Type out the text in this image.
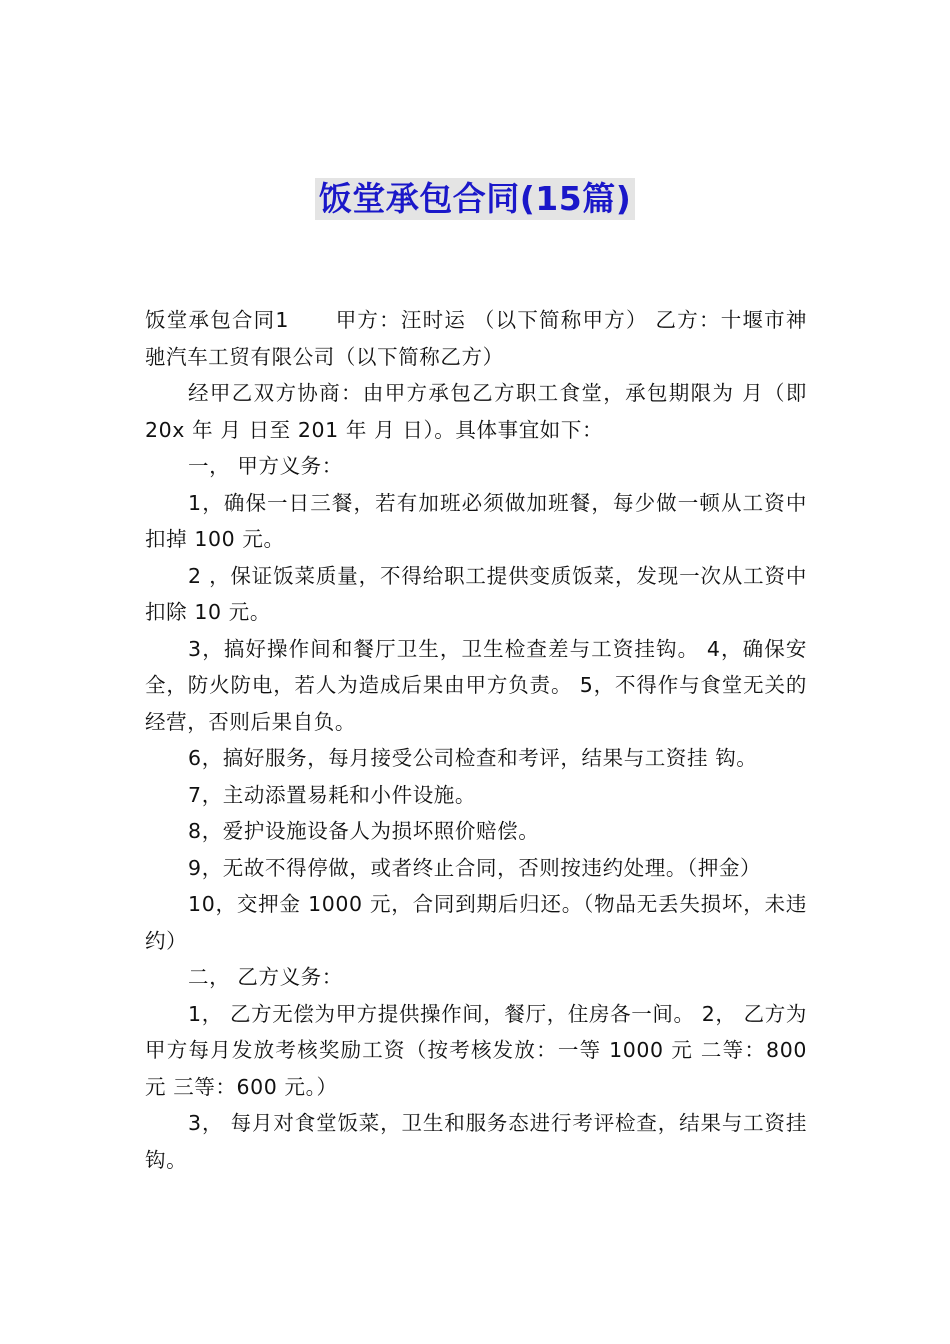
饭堂承包合同(15篇)

饭堂承包合同1 甲方：汪时运 （以下简称甲方） 乙方：十堰市神驰汽车工贸有限公司（以下简称乙方）

经甲乙双方协商：由甲方承包乙方职工食堂，承包期限为 月（即 20x 年 月 日至 201 年 月 日）。具体事宜如下：

一， 甲方义务：

1，确保一日三餐，若有加班必须做加班餐，每少做一顿从工资中扣掉 100 元。

2 ，保证饭菜质量，不得给职工提供变质饭菜，发现一次从工资中扣除 10 元。

3，搞好操作间和餐厅卫生，卫生检查差与工资挂钩。 4，确保安全，防火防电，若人为造成后果由甲方负责。 5，不得作与食堂无关的经营，否则后果自负。

6，搞好服务，每月接受公司检查和考评，结果与工资挂 钩。

7，主动添置易耗和小件设施。

8，爱护设施设备人为损坏照价赔偿。

9，无故不得停做，或者终止合同，否则按违约处理。（押金）

10，交押金 1000 元，合同到期后归还。（物品无丢失损坏，未违约）

二， 乙方义务：

1， 乙方无偿为甲方提供操作间，餐厅，住房各一间。 2， 乙方为甲方每月发放考核奖励工资（按考核发放：一等 1000 元 二等：800 元 三等：600 元。）

3， 每月对食堂饭菜，卫生和服务态进行考评检查，结果与工资挂钩。
